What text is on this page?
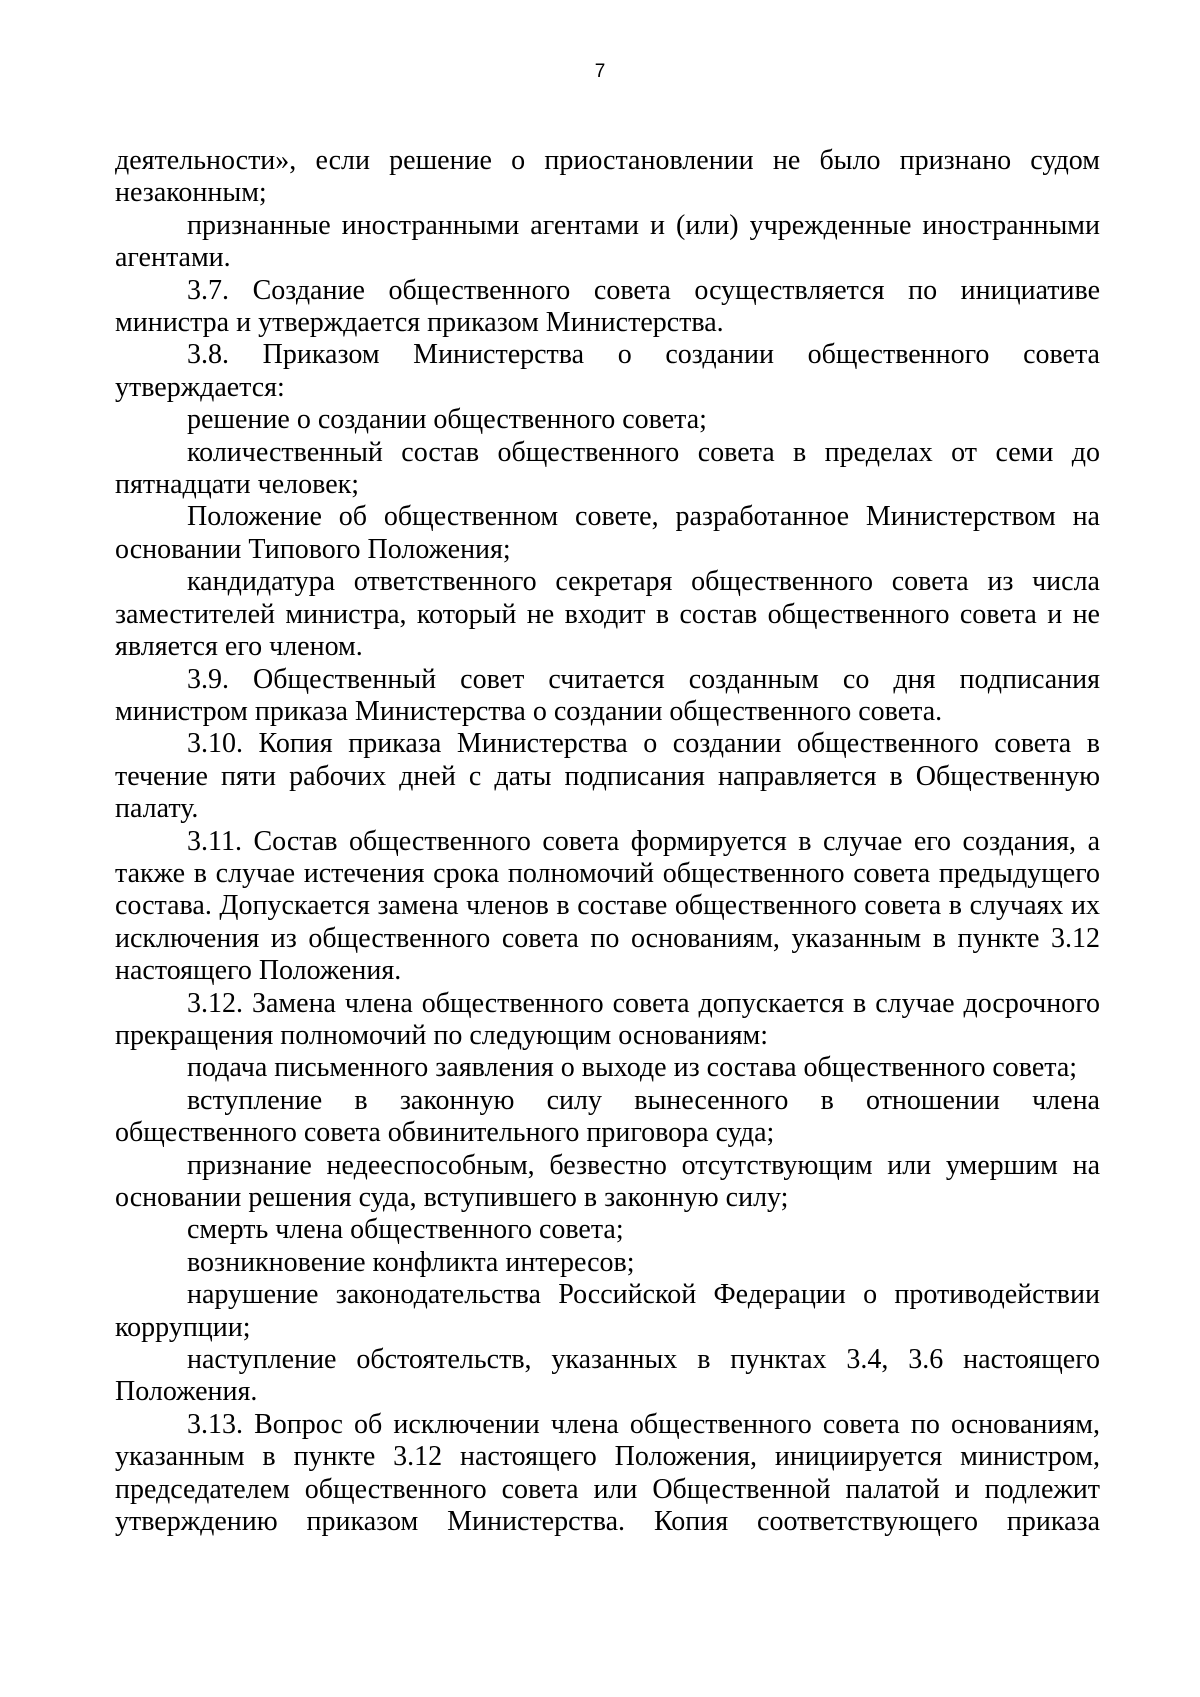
7

деятельности», если решение о приостановлении не было признано судом незаконным;

признанные иностранными агентами и (или) учрежденные иностранными агентами.

3.7. Создание общественного совета осуществляется по инициативе министра и утверждается приказом Министерства.

3.8. Приказом Министерства о создании общественного совета утверждается:

решение о создании общественного совета;

количественный состав общественного совета в пределах от семи до пятнадцати человек;

Положение об общественном совете, разработанное Министерством на основании Типового Положения;

кандидатура ответственного секретаря общественного совета из числа заместителей министра, который не входит в состав общественного совета и не является его членом.

3.9. Общественный совет считается созданным со дня подписания министром приказа Министерства о создании общественного совета.

3.10. Копия приказа Министерства о создании общественного совета в течение пяти рабочих дней с даты подписания направляется в Общественную палату.

3.11. Состав общественного совета формируется в случае его создания, а также в случае истечения срока полномочий общественного совета предыдущего состава. Допускается замена членов в составе общественного совета в случаях их исключения из общественного совета по основаниям, указанным в пункте 3.12 настоящего Положения.

3.12. Замена члена общественного совета допускается в случае досрочного прекращения полномочий по следующим основаниям:

подача письменного заявления о выходе из состава общественного совета;

вступление в законную силу вынесенного в отношении члена общественного совета обвинительного приговора суда;

признание недееспособным, безвестно отсутствующим или умершим на основании решения суда, вступившего в законную силу;

смерть члена общественного совета;

возникновение конфликта интересов;

нарушение законодательства Российской Федерации о противодействии коррупции;

наступление обстоятельств, указанных в пунктах 3.4, 3.6 настоящего Положения.

3.13. Вопрос об исключении члена общественного совета по основаниям, указанным в пункте 3.12 настоящего Положения, инициируется министром, председателем общественного совета или Общественной палатой и подлежит утверждению приказом Министерства. Копия соответствующего приказа
